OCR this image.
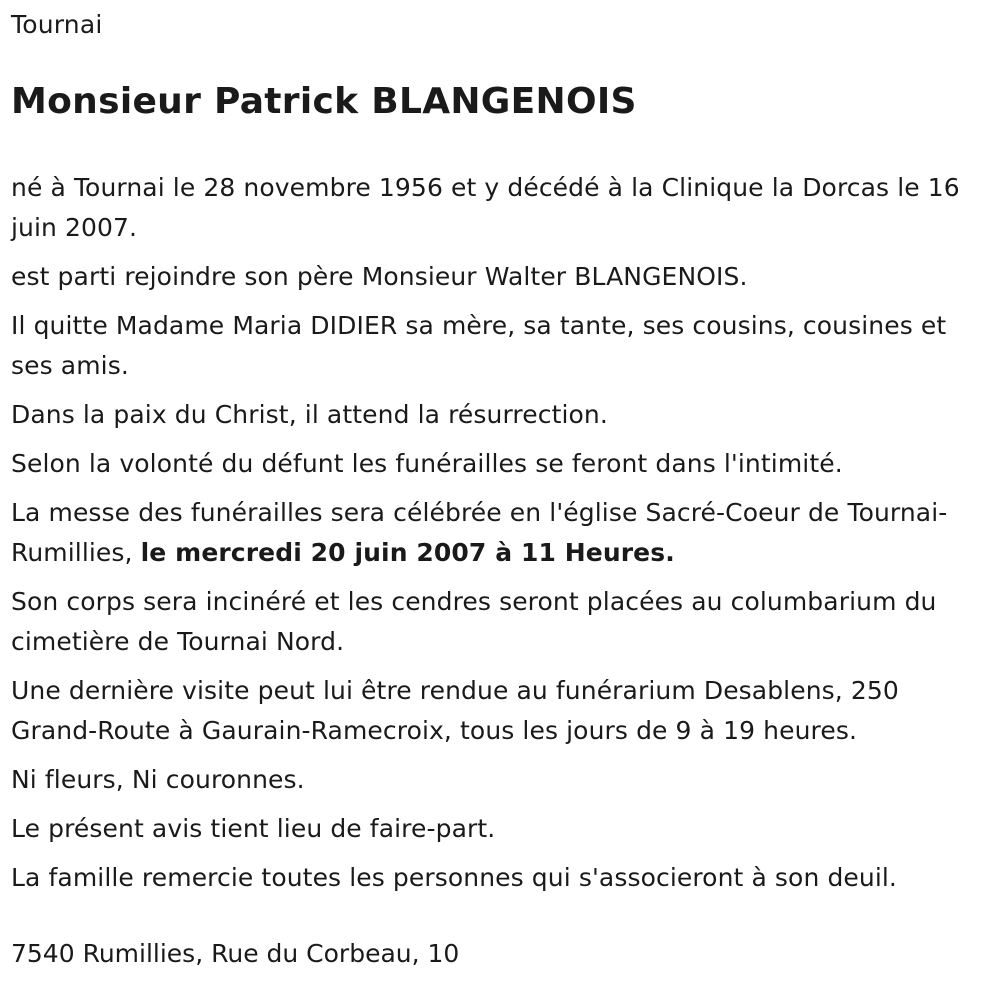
Tournai

Monsieur Patrick BLANGENOIS

né à Tournai le 28 novembre 1956 et y décédé à la Clinique la Dorcas le 16 juin 2007.

est parti rejoindre son père Monsieur Walter BLANGENOIS.

Il quitte Madame Maria DIDIER sa mère, sa tante, ses cousins, cousines et ses amis.

Dans la paix du Christ, il attend la résurrection.

Selon la volonté du défunt les funérailles se feront dans l'intimité.

La messe des funérailles sera célébrée en l'église Sacré-Coeur de Tournai-Rumillies, le mercredi 20 juin 2007 à 11 Heures.

Son corps sera incinéré et les cendres seront placées au columbarium du cimetière de Tournai Nord.

Une dernière visite peut lui être rendue au funérarium Desablens, 250 Grand-Route à Gaurain-Ramecroix, tous les jours de 9 à 19 heures.

Ni fleurs, Ni couronnes.

Le présent avis tient lieu de faire-part.

La famille remercie toutes les personnes qui s'associeront à son deuil.

7540 Rumillies, Rue du Corbeau, 10
